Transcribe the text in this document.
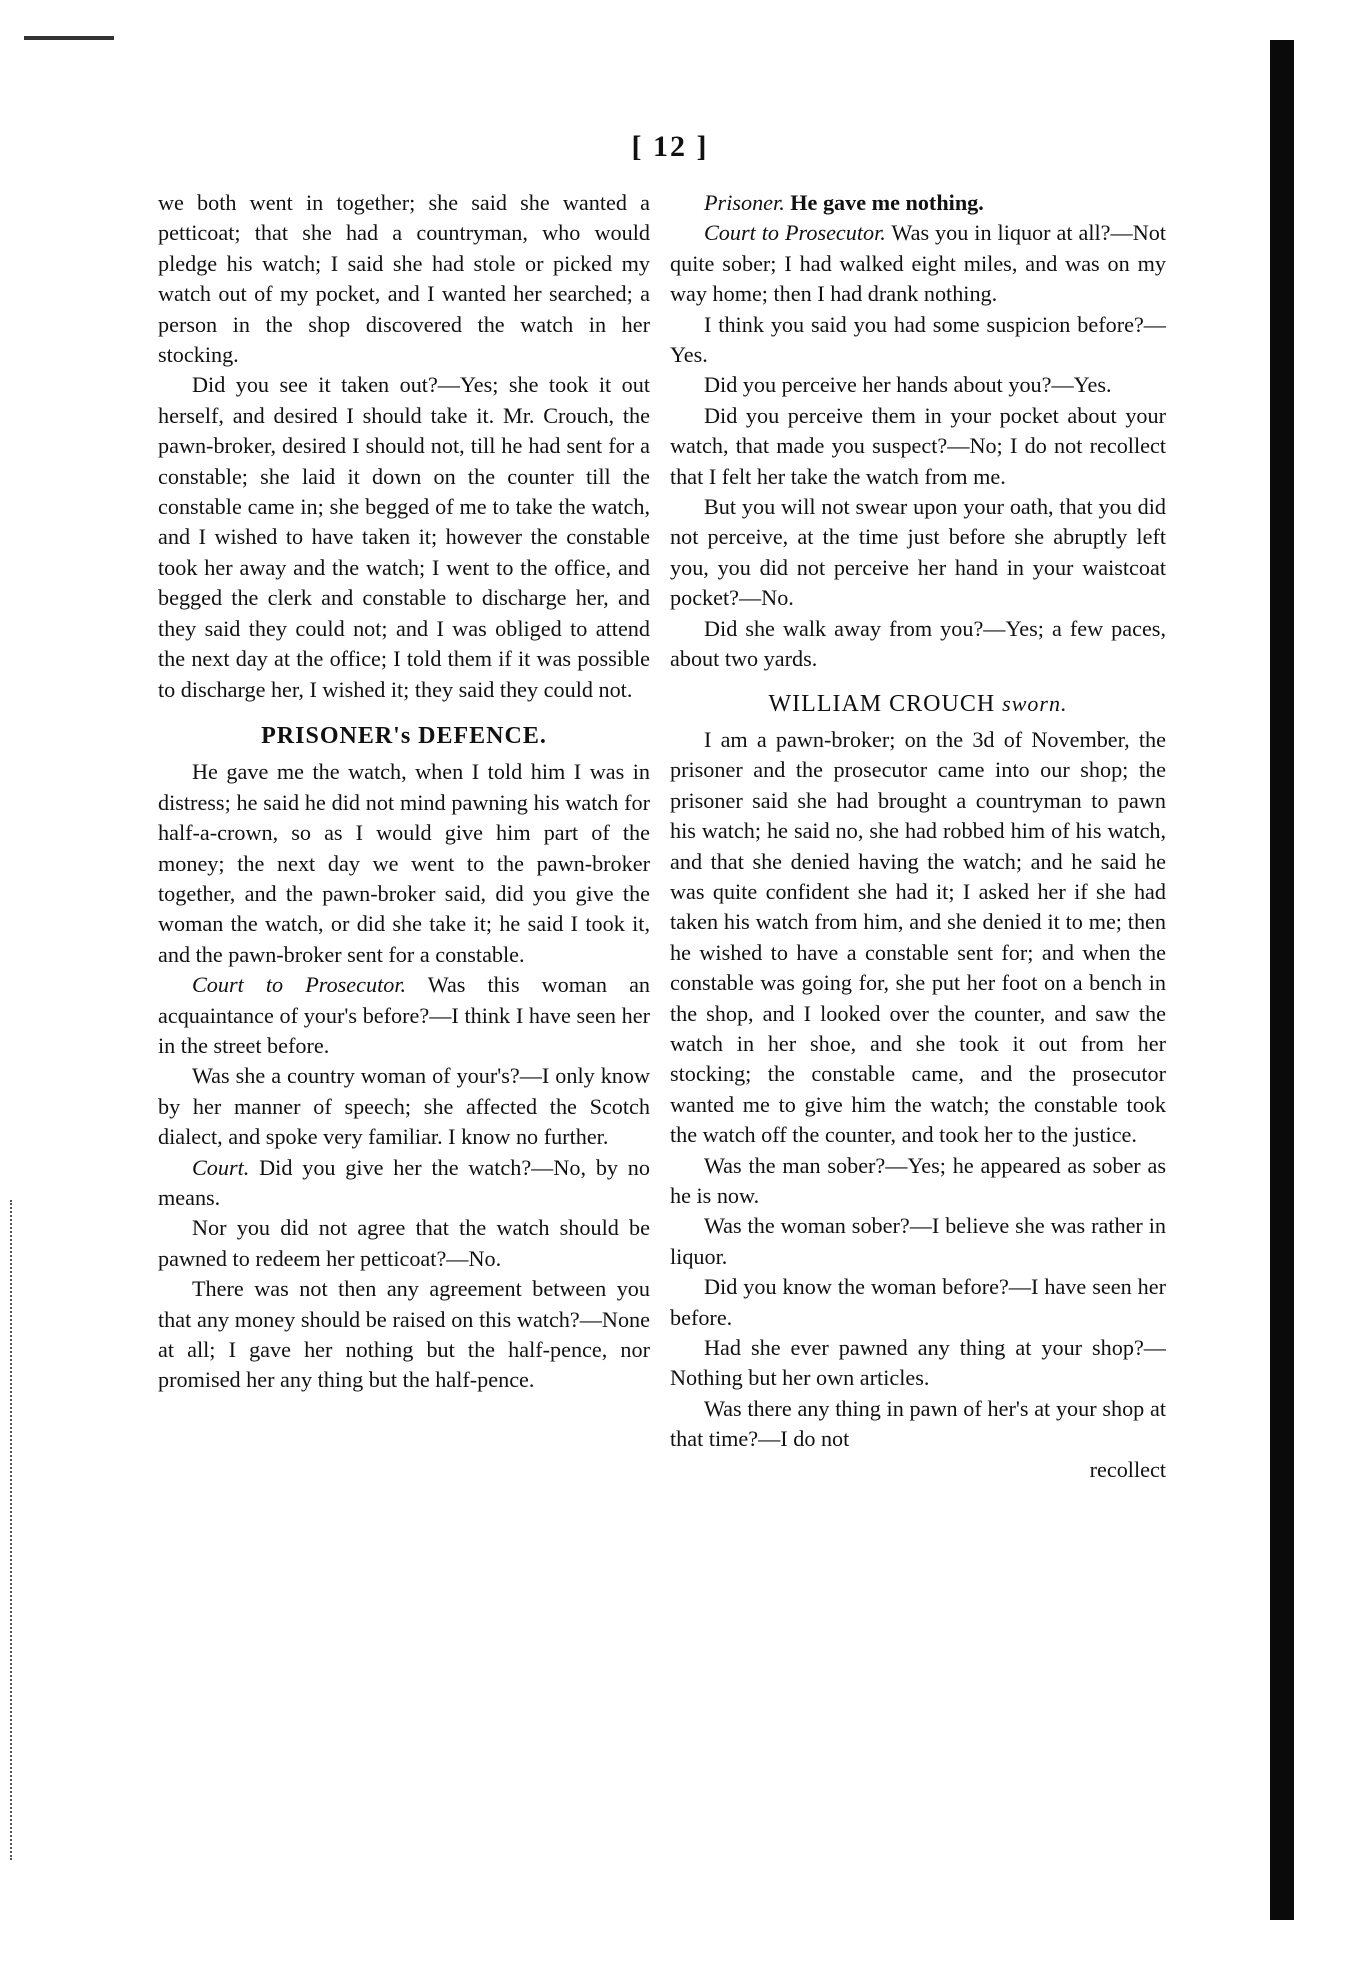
[ 12 ]

we both went in together; she said she wanted a petticoat; that she had a countryman, who would pledge his watch; I said she had stole or picked my watch out of my pocket, and I wanted her searched; a person in the shop discovered the watch in her stocking.

Did you see it taken out?—Yes; she took it out herself, and desired I should take it. Mr. Crouch, the pawn-broker, desired I should not, till he had sent for a constable; she laid it down on the counter till the constable came in; she begged of me to take the watch, and I wished to have taken it; however the constable took her away and the watch; I went to the office, and begged the clerk and constable to discharge her, and they said they could not; and I was obliged to attend the next day at the office; I told them if it was possible to discharge her, I wished it; they said they could not.

PRISONER's DEFENCE.

He gave me the watch, when I told him I was in distress; he said he did not mind pawning his watch for half-a-crown, so as I would give him part of the money; the next day we went to the pawn-broker together, and the pawn-broker said, did you give the woman the watch, or did she take it; he said I took it, and the pawn-broker sent for a constable.

Court to Prosecutor. Was this woman an acquaintance of your's before?—I think I have seen her in the street before.

Was she a country woman of your's?—I only know by her manner of speech; she affected the Scotch dialect, and spoke very familiar. I know no further.

Court. Did you give her the watch?—No, by no means.

Nor you did not agree that the watch should be pawned to redeem her petticoat?—No.

There was not then any agreement between you that any money should be raised on this watch?—None at all; I gave her nothing but the half-pence, nor promised her any thing but the half-pence.

Prisoner. He gave me nothing.

Court to Prosecutor. Was you in liquor at all?—Not quite sober; I had walked eight miles, and was on my way home; then I had drank nothing.

I think you said you had some suspicion before?—Yes.

Did you perceive her hands about you?—Yes.

Did you perceive them in your pocket about your watch, that made you suspect?—No; I do not recollect that I felt her take the watch from me.

But you will not swear upon your oath, that you did not perceive, at the time just before she abruptly left you, you did not perceive her hand in your waistcoat pocket?—No.

Did she walk away from you?—Yes; a few paces, about two yards.

WILLIAM CROUCH sworn.

I am a pawn-broker; on the 3d of November, the prisoner and the prosecutor came into our shop; the prisoner said she had brought a countryman to pawn his watch; he said no, she had robbed him of his watch, and that she denied having the watch; and he said he was quite confident she had it; I asked her if she had taken his watch from him, and she denied it to me; then he wished to have a constable sent for; and when the constable was going for, she put her foot on a bench in the shop, and I looked over the counter, and saw the watch in her shoe, and she took it out from her stocking; the constable came, and the prosecutor wanted me to give him the watch; the constable took the watch off the counter, and took her to the justice.

Was the man sober?—Yes; he appeared as sober as he is now.

Was the woman sober?—I believe she was rather in liquor.

Did you know the woman before?—I have seen her before.

Had she ever pawned any thing at your shop?—Nothing but her own articles.

Was there any thing in pawn of her's at your shop at that time?—I do not

recollect
